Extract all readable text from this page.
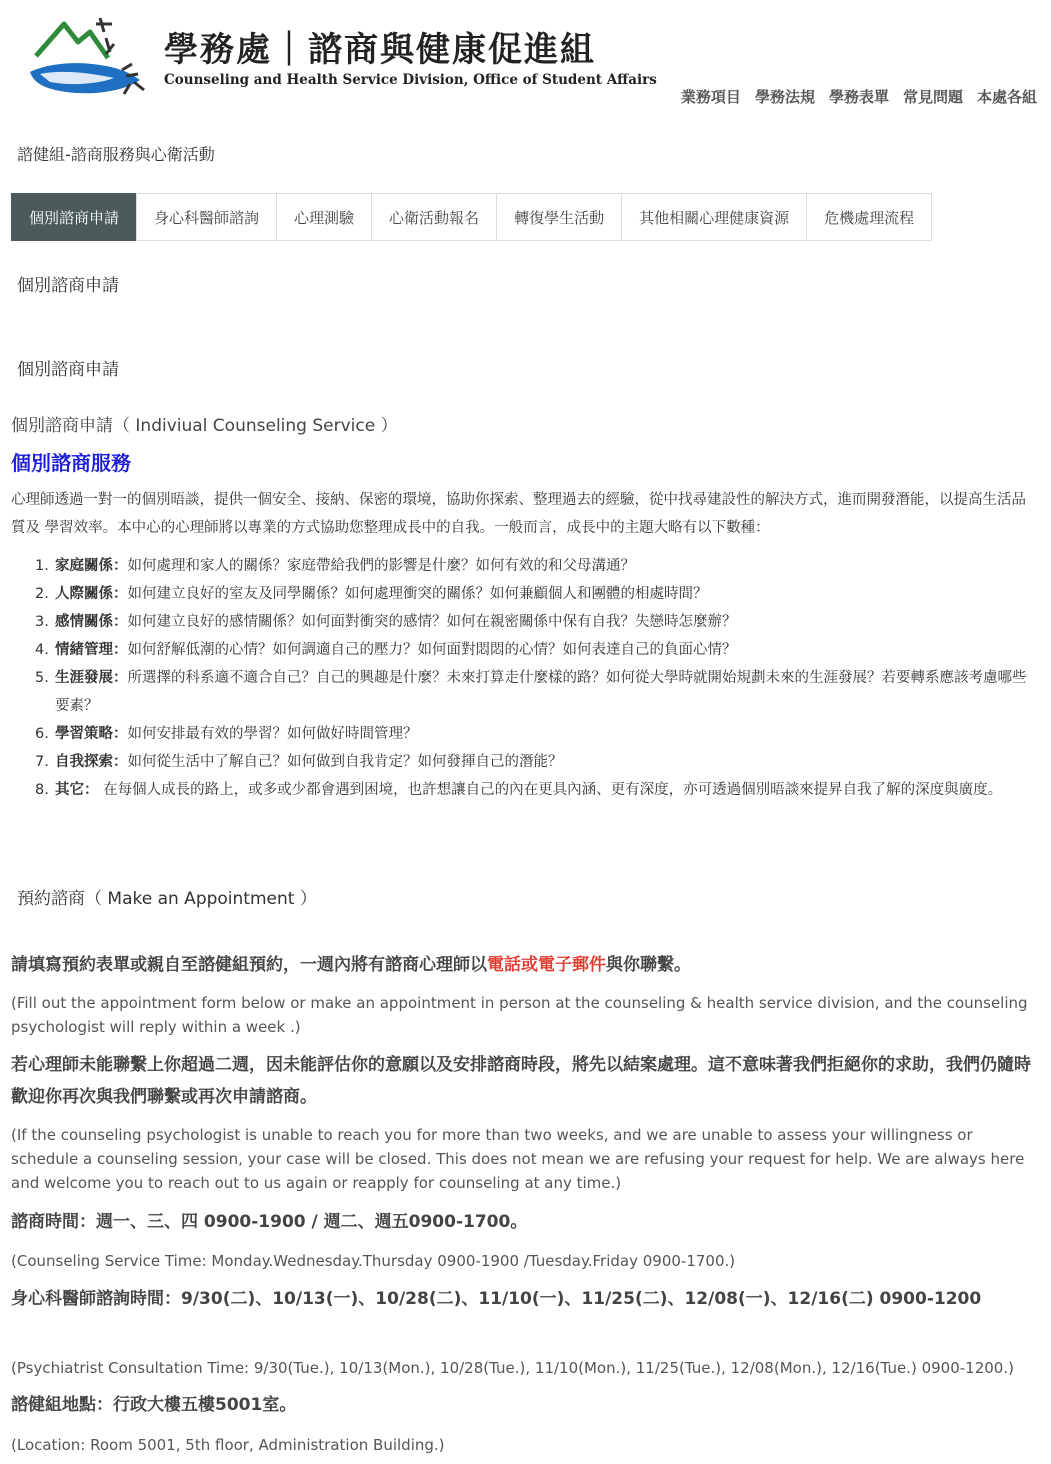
學務處｜諮商與健康促進組
Counseling and Health Service Division, Office of Student Affairs
業務項目 學務法規 學務表單 常見問題 本處各組
諮健組-諮商服務與心衛活動
個別諮商申請	身心科醫師諮詢	心理測驗	心衛活動報名	轉復學生活動	其他相關心理健康資源	危機處理流程
個別諮商申請
個別諮商申請
個別諮商申請（ Indiviual Counseling Service ）
個別諮商服務

心理師透過一對一的個別晤談，提供一個安全、接納、保密的環境，協助你探索、整理過去的經驗，從中找尋建設性的解決方式，進而開發潛能，以提高生活品質及 學習效率。本中心的心理師將以專業的方式協助您整理成長中的自我。一般而言，成長中的主題大略有以下數種：

1. 家庭關係：如何處理和家人的關係？家庭帶給我們的影響是什麼？如何有效的和父母溝通？
2. 人際關係：如何建立良好的室友及同學關係？如何處理衝突的關係？如何兼顧個人和團體的相處時間？
3. 感情關係：如何建立良好的感情關係？如何面對衝突的感情？如何在親密關係中保有自我？失戀時怎麼辦？
4. 情緒管理：如何舒解低潮的心情？如何調適自己的壓力？如何面對悶悶的心情？如何表達自己的負面心情？
5. 生涯發展：所選擇的科系適不適合自己？自己的興趣是什麼？未來打算走什麼樣的路？如何從大學時就開始規劃未來的生涯發展？若要轉系應該考慮哪些要素？
6. 學習策略：如何安排最有效的學習？如何做好時間管理？
7. 自我探索：如何從生活中了解自己？如何做到自我肯定？如何發揮自己的潛能？
8. 其它： 在每個人成長的路上，或多或少都會遇到困境，也許想讓自己的內在更具內涵、更有深度，亦可透過個別晤談來提昇自我了解的深度與廣度。
預約諮商（ Make an Appointment ）
請填寫預約表單或親自至諮健組預約，一週內將有諮商心理師以電話或電子郵件與你聯繫。
(Fill out the appointment form below or make an appointment in person at the counseling & health service division, and the counseling psychologist will reply within a week .)
若心理師未能聯繫上你超過二週，因未能評估你的意願以及安排諮商時段，將先以結案處理。這不意味著我們拒絕你的求助，我們仍隨時歡迎你再次與我們聯繫或再次申請諮商。
(If the counseling psychologist is unable to reach you for more than two weeks, and we are unable to assess your willingness or schedule a counseling session, your case will be closed. This does not mean we are refusing your request for help. We are always here and welcome you to reach out to us again or reapply for counseling at any time.)
諮商時間：週一、三、四 0900-1900 / 週二、週五0900-1700。
(Counseling Service Time: Monday.Wednesday.Thursday 0900-1900 /Tuesday.Friday 0900-1700.)
身心科醫師諮詢時間：9/30(二)、10/13(一)、10/28(二)、11/10(一)、11/25(二)、12/08(一)、12/16(二) 0900-1200
(Psychiatrist Consultation Time: 9/30(Tue.), 10/13(Mon.), 10/28(Tue.), 11/10(Mon.), 11/25(Tue.), 12/08(Mon.), 12/16(Tue.) 0900-1200.)
諮健組地點：行政大樓五樓5001室。
(Location: Room 5001, 5th floor, Administration Building.)
